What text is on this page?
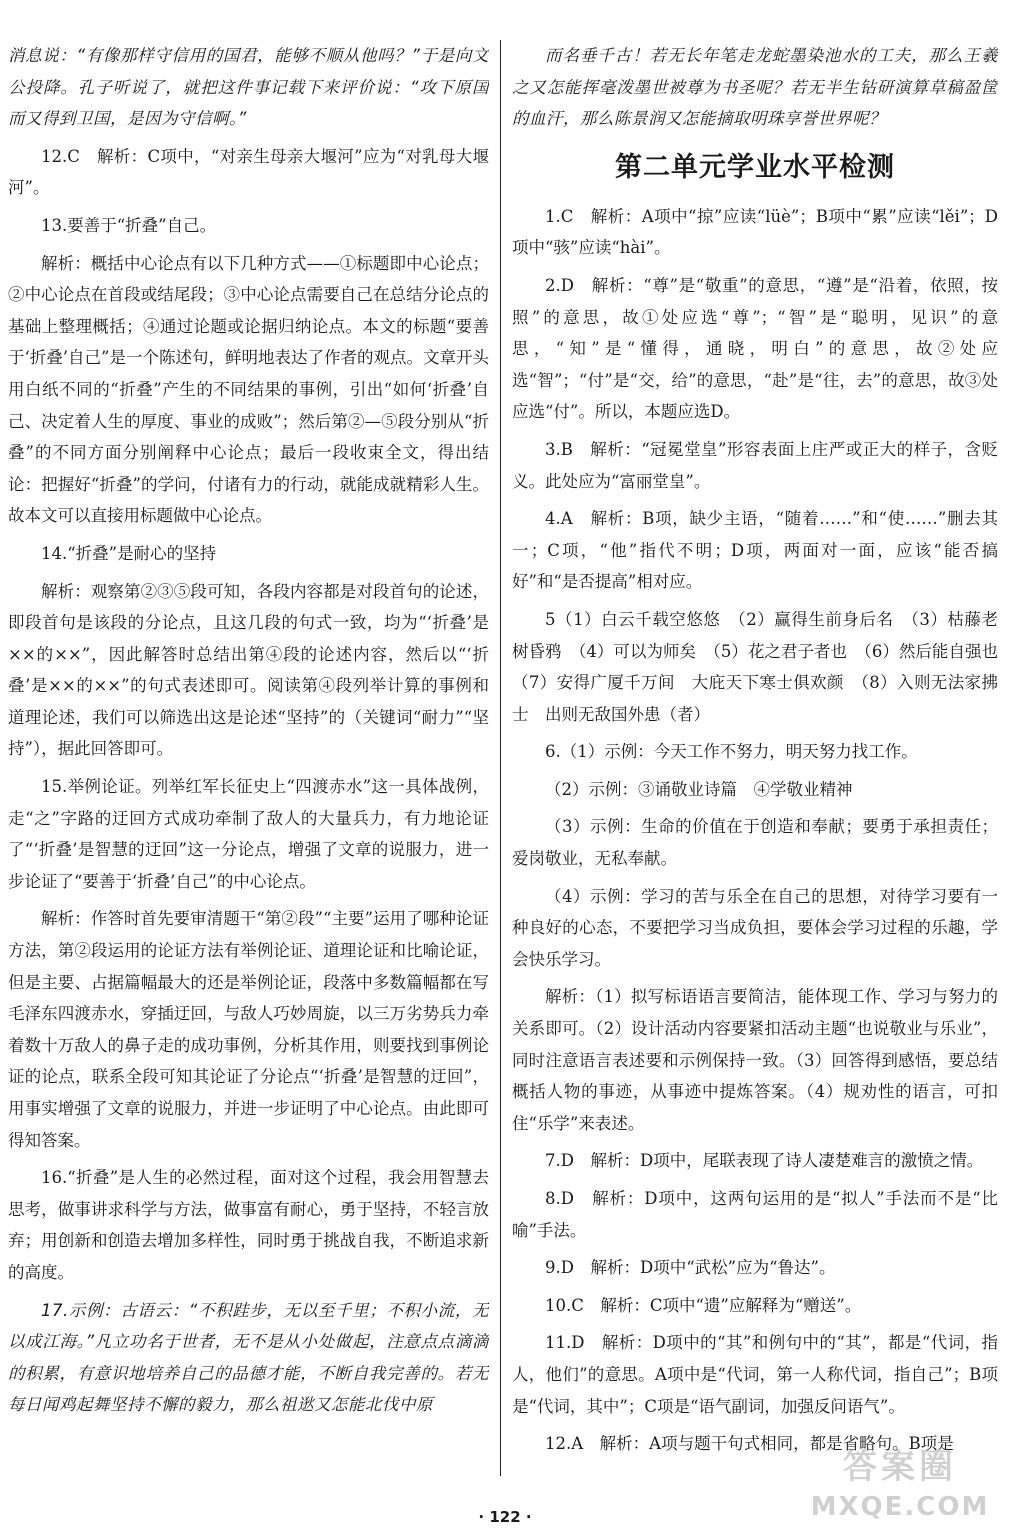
消息说：“有像那样守信用的国君，能够不顺从他吗？”于是向文公投降。孔子听说了，就把这件事记载下来评价说：“攻下原国而又得到卫国，是因为守信啊。”

12.C　解析：C项中，“对亲生母亲大堰河”应为“对乳母大堰河”。

13.要善于“折叠”自己。

解析：概括中心论点有以下几种方式——①标题即中心论点；②中心论点在首段或结尾段；③中心论点需要自己在总结分论点的基础上整理概括；④通过论题或论据归纳论点。本文的标题“要善于‘折叠’自己”是一个陈述句，鲜明地表达了作者的观点。文章开头用白纸不同的“折叠”产生的不同结果的事例，引出“如何‘折叠’自己、决定着人生的厚度、事业的成败”；然后第②—⑤段分别从“折叠”的不同方面分别阐释中心论点；最后一段收束全文，得出结论：把握好“折叠”的学问，付诸有力的行动，就能成就精彩人生。故本文可以直接用标题做中心论点。

14.“折叠”是耐心的坚持

解析：观察第②③⑤段可知，各段内容都是对段首句的论述，即段首句是该段的分论点，且这几段的句式一致，均为“‘折叠’是××的××”，因此解答时总结出第④段的论述内容，然后以“‘折叠’是××的××”的句式表述即可。阅读第④段列举计算的事例和道理论述，我们可以筛选出这是论述“坚持”的（关键词“耐力”“坚持”），据此回答即可。

15.举例论证。列举红军长征史上“四渡赤水”这一具体战例，走“之”字路的迂回方式成功牵制了敌人的大量兵力，有力地论证了“‘折叠’是智慧的迂回”这一分论点，增强了文章的说服力，进一步论证了“要善于‘折叠’自己”的中心论点。

解析：作答时首先要审清题干“第②段”“主要”运用了哪种论证方法，第②段运用的论证方法有举例论证、道理论证和比喻论证，但是主要、占据篇幅最大的还是举例论证，段落中多数篇幅都在写毛泽东四渡赤水，穿插迂回，与敌人巧妙周旋，以三万劣势兵力牵着数十万敌人的鼻子走的成功事例，分析其作用，则要找到事例论证的论点，联系全段可知其论证了分论点“‘折叠’是智慧的迂回”，用事实增强了文章的说服力，并进一步证明了中心论点。由此即可得知答案。

16.“折叠”是人生的必然过程，面对这个过程，我会用智慧去思考，做事讲求科学与方法，做事富有耐心，勇于坚持，不轻言放弃；用创新和创造去增加多样性，同时勇于挑战自我，不断追求新的高度。

17.示例：古语云：“不积跬步，无以至千里；不积小流，无以成江海。”凡立功名于世者，无不是从小处做起，注意点点滴滴的积累，有意识地培养自己的品德才能，不断自我完善的。若无每日闻鸡起舞坚持不懈的毅力，那么祖逖又怎能北伐中原

而名垂千古！若无长年笔走龙蛇墨染池水的工夫，那么王羲之又怎能挥毫泼墨世被尊为书圣呢？若无半生钻研演算草稿盈筐的血汗，那么陈景润又怎能摘取明珠享誉世界呢？

第二单元学业水平检测

1.C　解析：A项中“掠”应读“lüè”；B项中“累”应读“lěi”；D项中“骇”应读“hài”。

2.D　解析：“尊”是“敬重”的意思，“遵”是“沿着，依照，按照”的意思，故①处应选“尊”；“智”是“聪明，见识”的意思，“知”是“懂得，通晓，明白”的意思，故②处应选“智”；“付”是“交，给”的意思，“赴”是“往，去”的意思，故③处应选“付”。所以，本题应选D。

3.B　解析：“冠冕堂皇”形容表面上庄严或正大的样子，含贬义。此处应为“富丽堂皇”。

4.A　解析：B项，缺少主语，“随着……”和“使……”删去其一；C项，“他”指代不明；D项，两面对一面，应该“能否搞好”和“是否提高”相对应。

5（1）白云千载空悠悠　（2）赢得生前身后名　（3）枯藤老树昏鸦　（4）可以为师矣　（5）花之君子者也　（6）然后能自强也　（7）安得广厦千万间　大庇天下寒士俱欢颜　（8）入则无法家拂士　出则无敌国外患（者）

6.（1）示例：今天工作不努力，明天努力找工作。

（2）示例：③诵敬业诗篇　④学敬业精神

（3）示例：生命的价值在于创造和奉献；要勇于承担责任；爱岗敬业，无私奉献。

（4）示例：学习的苦与乐全在自己的思想，对待学习要有一种良好的心态，不要把学习当成负担，要体会学习过程的乐趣，学会快乐学习。

解析：（1）拟写标语语言要简洁，能体现工作、学习与努力的关系即可。（2）设计活动内容要紧扣活动主题“也说敬业与乐业”，同时注意语言表述要和示例保持一致。（3）回答得到感悟，要总结概括人物的事迹，从事迹中提炼答案。（4）规劝性的语言，可扣住“乐学”来表述。

7.D　解析：D项中，尾联表现了诗人凄楚难言的激愤之情。

8.D　解析：D项中，这两句运用的是“拟人”手法而不是“比喻”手法。

9.D　解析：D项中“武松”应为“鲁达”。

10.C　解析：C项中“遗”应解释为“赠送”。

11.D　解析：D项中的“其”和例句中的“其”，都是“代词，指人，他们”的意思。A项中是“代词，第一人称代词，指自己”；B项是“代词，其中”；C项是“语气副词，加强反问语气”。

12.A　解析：A项与题干句式相同，都是省略句。B项是

· 122 ·
答案圈
MXQE.COM
